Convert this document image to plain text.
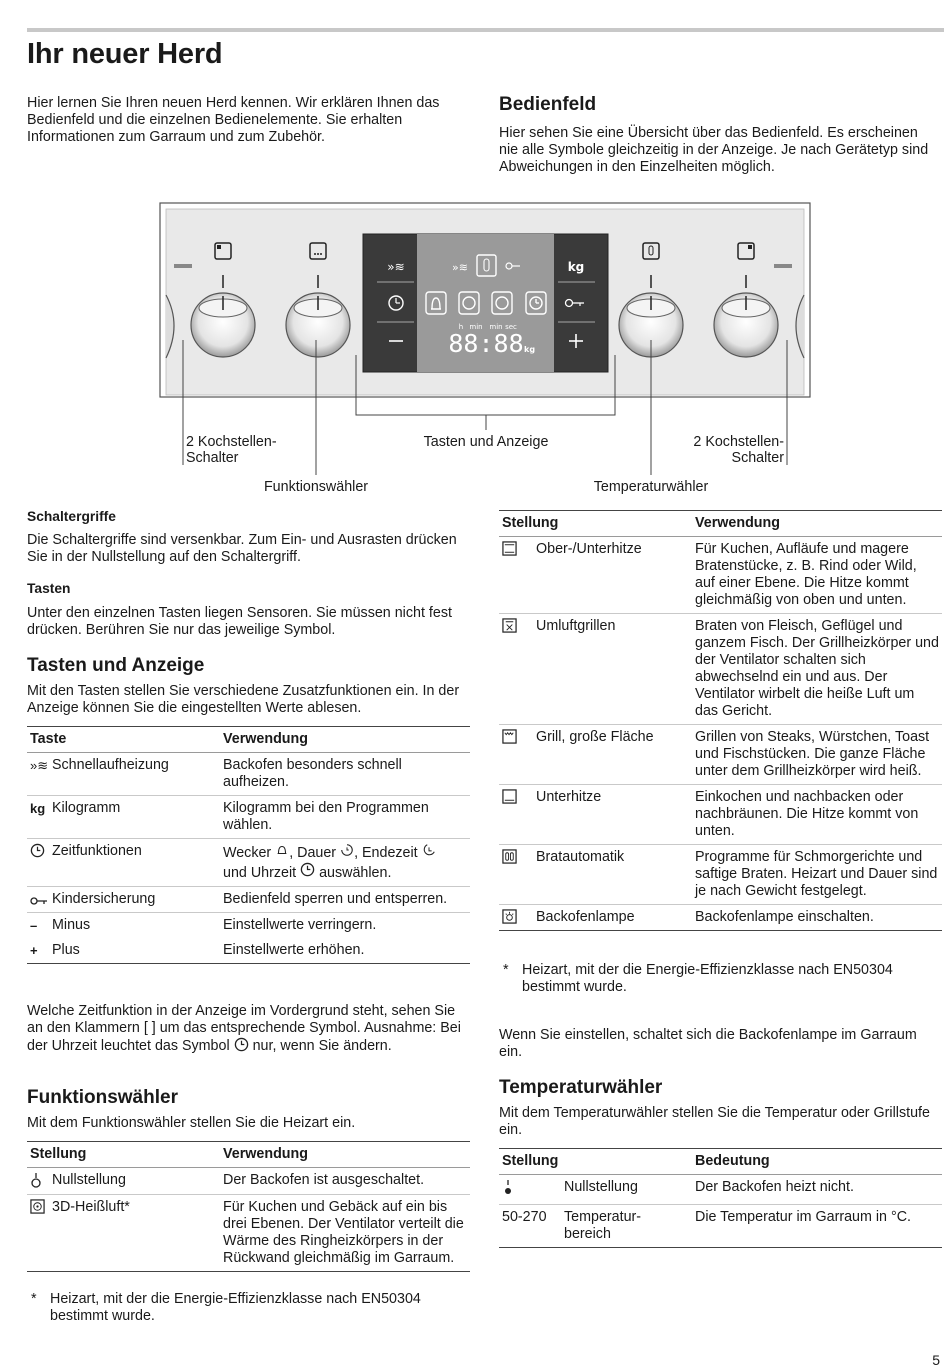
Ihr neuer Herd
Hier lernen Sie Ihren neuen Herd kennen. Wir erklären Ihnen das Bedienfeld und die einzelnen Bedienelemente. Sie erhalten Informationen zum Garraum und zum Zubehör.
Bedienfeld
Hier sehen Sie eine Übersicht über das Bedienfeld. Es erscheinen nie alle Symbole gleichzeitig in der Anzeige. Je nach Gerätetyp sind Abweichungen in den Einzelheiten möglich.
»≋	kg
»≋
h min min sec
88:88 kg
2 Kochstellen-
Schalter
Tasten und Anzeige	2 Kochstellen-
Schalter
Funktionswähler	Temperaturwähler
Schaltergriffe
Die Schaltergriffe sind versenkbar. Zum Ein- und Ausrasten drücken Sie in der Nullstellung auf den Schaltergriff.
Tasten
Unter den einzelnen Tasten liegen Sensoren. Sie müssen nicht fest drücken. Berühren Sie nur das jeweilige Symbol.
Tasten und Anzeige
Mit den Tasten stellen Sie verschiedene Zusatzfunktionen ein. In der Anzeige können Sie die eingestellten Werte ablesen.
Taste	Verwendung
»≋ Schnellaufheizung	Backofen besonders schnell aufheizen.
kg Kilogramm	Kilogramm bei den Programmen wählen.
Zeitfunktionen	Wecker , Dauer , Endezeit
und Uhrzeit auswählen.
Kindersicherung	Bedienfeld sperren und entsperren.
– Minus	Einstellwerte verringern.
+ Plus	Einstellwerte erhöhen.
Welche Zeitfunktion in der Anzeige im Vordergrund steht, sehen Sie an den Klammern [ ] um das entsprechende Symbol. Ausnahme: Bei der Uhrzeit leuchtet das Symbol nur, wenn Sie ändern.
Funktionswähler
Mit dem Funktionswähler stellen Sie die Heizart ein.
Stellung	Verwendung
Nullstellung	Der Backofen ist ausgeschaltet.
3D-Heißluft*	Für Kuchen und Gebäck auf ein bis drei Ebenen. Der Ventilator verteilt die Wärme des Ringheizkörpers in der Rückwand gleichmäßig im Garraum.
* Heizart, mit der die Energie-Effizienzklasse nach EN50304 bestimmt wurde.
Stellung	Verwendung
Ober-/Unterhitze	Für Kuchen, Aufläufe und magere Bratenstücke, z. B. Rind oder Wild, auf einer Ebene. Die Hitze kommt gleichmäßig von oben und unten.
Umluftgrillen	Braten von Fleisch, Geflügel und ganzem Fisch. Der Grillheizkörper und der Ventilator schalten sich abwechselnd ein und aus. Der Ventilator wirbelt die heiße Luft um das Gericht.
Grill, große Fläche	Grillen von Steaks, Würstchen, Toast und Fischstücken. Die ganze Fläche unter dem Grillheizkörper wird heiß.
Unterhitze	Einkochen und nachbacken oder nachbräunen. Die Hitze kommt von unten.
Bratautomatik	Programme für Schmorgerichte und saftige Braten. Heizart und Dauer sind je nach Gewicht festgelegt.
Backofenlampe	Backofenlampe einschalten.
* Heizart, mit der die Energie-Effizienzklasse nach EN50304 bestimmt wurde.
Wenn Sie einstellen, schaltet sich die Backofenlampe im Garraum ein.
Temperaturwähler
Mit dem Temperaturwähler stellen Sie die Temperatur oder Grillstufe ein.
Stellung		Bedeutung
	Nullstellung	Der Backofen heizt nicht.
50-270	Temperatur-
bereich	Die Temperatur im Garraum in °C.
5
